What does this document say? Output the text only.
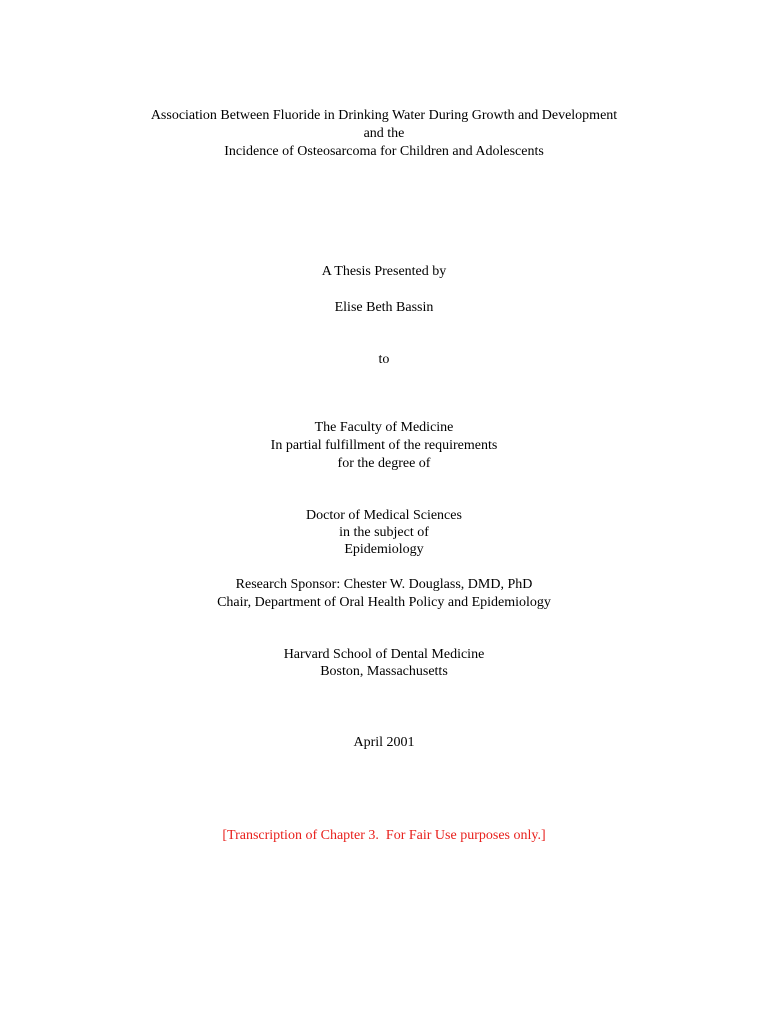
Association Between Fluoride in Drinking Water During Growth and Development
and the
Incidence of Osteosarcoma for Children and Adolescents
A Thesis Presented by
Elise Beth Bassin
to
The Faculty of Medicine
In partial fulfillment of the requirements
for the degree of
Doctor of Medical Sciences
in the subject of
Epidemiology
Research Sponsor: Chester W. Douglass, DMD, PhD
Chair, Department of Oral Health Policy and Epidemiology
Harvard School of Dental Medicine
Boston, Massachusetts
April 2001
[Transcription of Chapter 3.  For Fair Use purposes only.]
